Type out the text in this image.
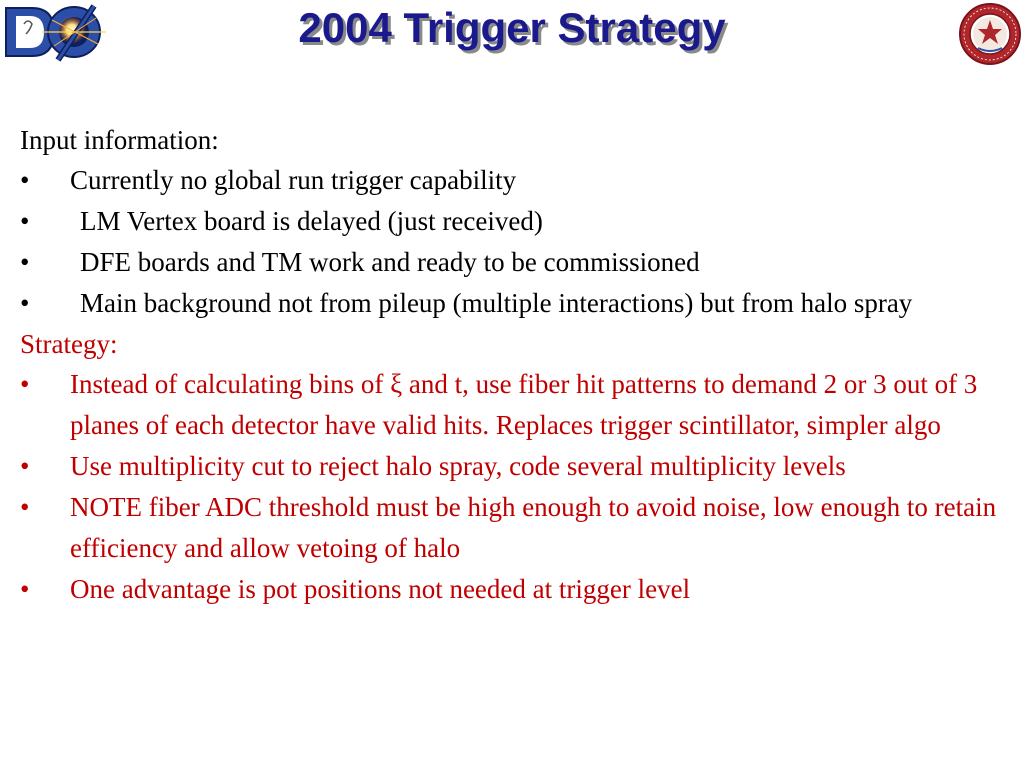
2004 Trigger Strategy
Input information:
•	Currently no global run trigger capability
•	LM Vertex board is delayed (just received)
•	DFE boards and TM work and ready to be commissioned
•	Main background not from pileup (multiple interactions) but from halo spray
Strategy:
•	Instead of calculating bins of ξ and t, use fiber hit patterns to demand 2 or 3 out of 3 planes of each detector have valid hits. Replaces trigger scintillator, simpler algo
•	Use multiplicity cut to reject halo spray, code several multiplicity levels
•	NOTE fiber ADC threshold must be high enough to avoid noise, low enough to retain efficiency and allow vetoing of halo
•	One advantage is pot positions not needed at trigger level
